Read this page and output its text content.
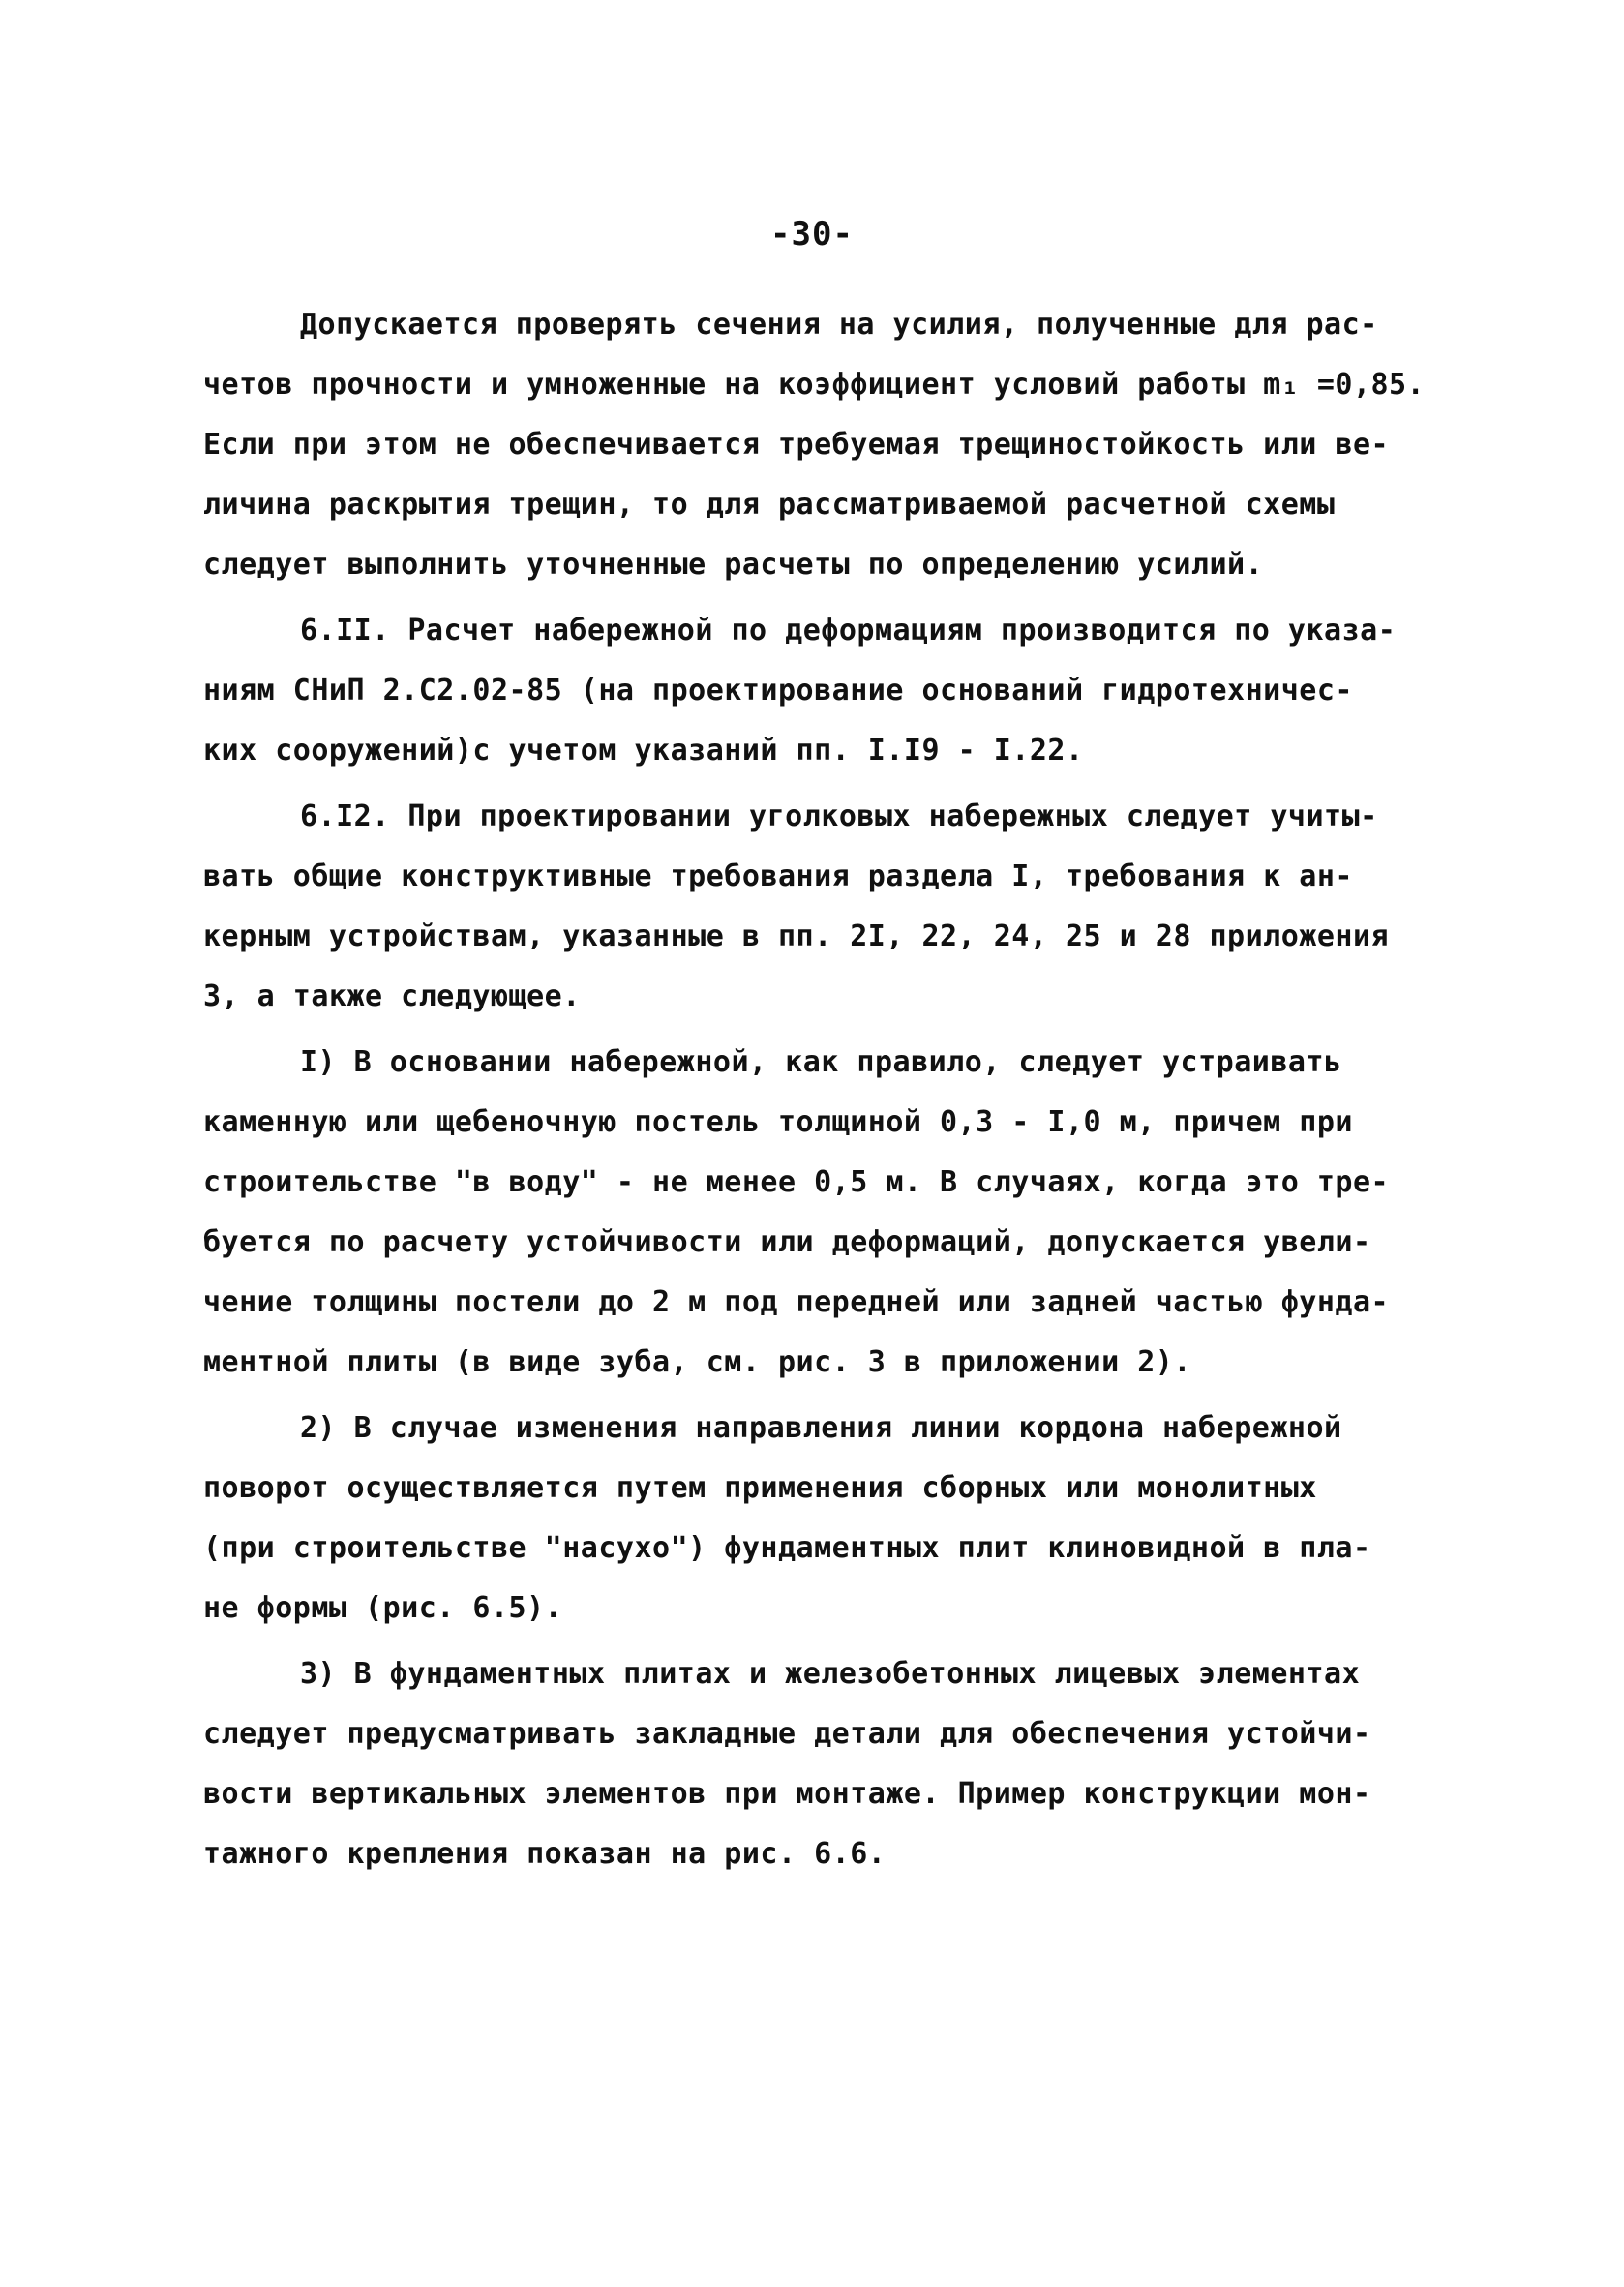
-30-
Допускается проверять сечения на усилия, полученные для рас-
четов прочности и умноженные на коэффициент условий работы m₁ =0,85.
Если при этом не обеспечивается требуемая трещиностойкость или ве-
личина раскрытия трещин, то для рассматриваемой расчетной схемы
следует выполнить уточненные расчеты по определению усилий.
6.II. Расчет набережной по деформациям производится по указа-
ниям СНиП 2.С2.02-85 (на проектирование оснований гидротехничес-
ких сооружений)с учетом указаний пп. I.I9 - I.22.
6.I2. При проектировании уголковых набережных следует учиты-
вать общие конструктивные требования раздела I, требования к ан-
керным устройствам, указанные в пп. 2I, 22, 24, 25 и 28 приложения
3, а также следующее.
I) В основании набережной, как правило, следует устраивать
каменную или щебеночную постель толщиной 0,3 - I,0 м, причем при
строительстве "в воду" - не менее 0,5 м. В случаях, когда это тре-
буется по расчету устойчивости или деформаций, допускается увели-
чение толщины постели до 2 м под передней или задней частью фунда-
ментной плиты (в виде зуба, см. рис. 3 в приложении 2).
2) В случае изменения направления линии кордона набережной
поворот осуществляется путем применения сборных или монолитных
(при строительстве "насухо") фундаментных плит клиновидной в пла-
не формы (рис. 6.5).
3) В фундаментных плитах и железобетонных лицевых элементах
следует предусматривать закладные детали для обеспечения устойчи-
вости вертикальных элементов при монтаже. Пример конструкции мон-
тажного крепления показан на рис. 6.6.
